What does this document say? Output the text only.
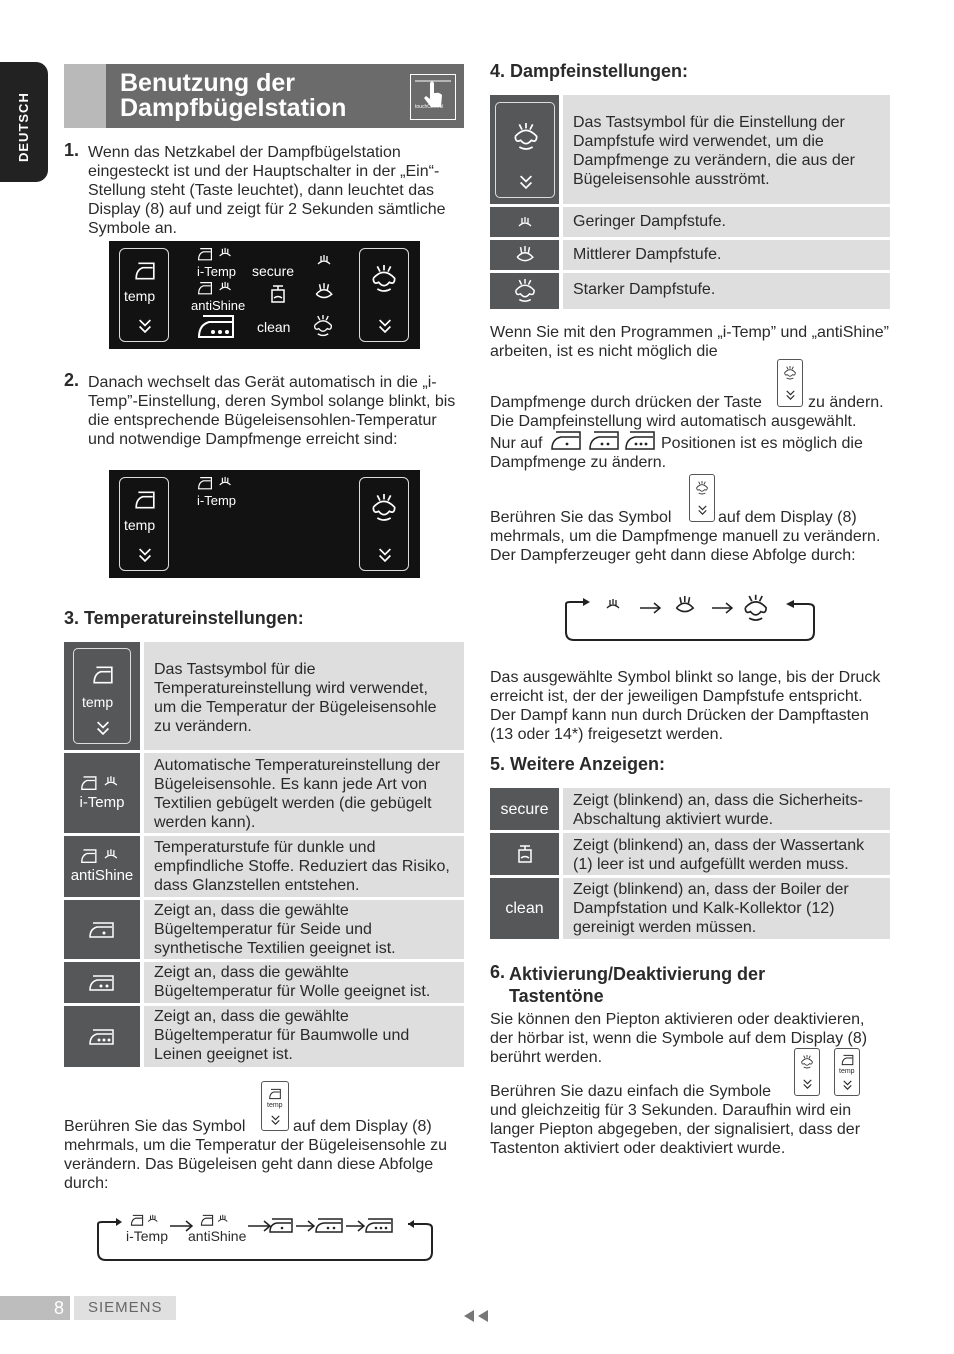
DEUTSCH
Benutzung der
Dampfbügelstation	touchControl
1. Wenn das Netzkabel der Dampfbügelstation eingesteckt ist und der Hauptschalter in der „Ein“-Stellung steht (Taste leuchtet), dann leuchtet das Display (8) auf und zeigt für 2 Sekunden sämtliche Symbole an.
temp
i-Temp secure
antiShine
clean
2. Danach wechselt das Gerät automatisch in die „i-Temp”-Einstellung, deren Symbol solange blinkt, bis die entsprechende Bügeleisensohlen-Temperatur und notwendige Dampfmenge erreicht sind:
temp
i-Temp
3. Temperatureinstellungen:
temp
Das Tastsymbol für die Temperatureinstellung wird verwendet, um die Temperatur der Bügeleisensohle zu verändern.
i-Temp
Automatische Temperatureinstellung der Bügeleisensohle. Es kann jede Art von Textilien gebügelt werden (die gebügelt werden kann).
antiShine
Temperaturstufe für dunkle und empfindliche Stoffe. Reduziert das Risiko, dass Glanzstellen entstehen.
Zeigt an, dass die gewählte Bügeltemperatur für Seide und synthetische Textilien geeignet ist.
Zeigt an, dass die gewählte Bügeltemperatur für Wolle geeignet ist.
Zeigt an, dass die gewählte Bügeltemperatur für Baumwolle und Leinen geeignet ist.
temp
Berühren Sie das Symbol	auf dem Display (8)
mehrmals, um die Temperatur der Bügeleisensohle zu verändern. Das Bügeleisen geht dann diese Abfolge durch:
i-Temp antiShine
4. Dampfeinstellungen:
Das Tastsymbol für die Einstellung der Dampfstufe wird verwendet, um die Dampfmenge zu verändern, die aus der Bügeleisensohle ausströmt.
Geringer Dampfstufe.
Mittlerer Dampfstufe.
Starker Dampfstufe.
Wenn Sie mit den Programmen „i-Temp” und „antiShine” arbeiten, ist es nicht möglich die
Dampfmenge durch drücken der Taste	zu ändern.
Die Dampfeinstellung wird automatisch ausgewählt.
Nur auf	Positionen ist es möglich die Dampfmenge zu ändern.
Berühren Sie das Symbol	auf dem Display (8)
mehrmals, um die Dampfmenge manuell zu verändern. Der Dampferzeuger geht dann diese Abfolge durch:
Das ausgewählte Symbol blinkt so lange, bis der Druck erreicht ist, der der jeweiligen Dampfstufe entspricht. Der Dampf kann nun durch Drücken der Dampftasten (13 oder 14*) freigesetzt werden.
5. Weitere Anzeigen:
secure	Zeigt (blinkend) an, dass die Sicherheits-Abschaltung aktiviert wurde.
Zeigt (blinkend) an, dass der Wassertank (1) leer ist und aufgefüllt werden muss.
clean
Zeigt (blinkend) an, dass der Boiler der Dampfstation und Kalk-Kollektor (12) gereinigt werden müssen.
6. Aktivierung/Deaktivierung der
Tastentöne
Sie können den Piepton aktivieren oder deaktivieren, der hörbar ist, wenn die Symbole auf dem Display (8) berührt werden.
temp
Berühren Sie dazu einfach die Symbole
und gleichzeitig für 3 Sekunden. Daraufhin wird ein langer Piepton abgegeben, der signalisiert, dass der Tastenton aktiviert oder deaktiviert wurde.
8	SIEMENS
